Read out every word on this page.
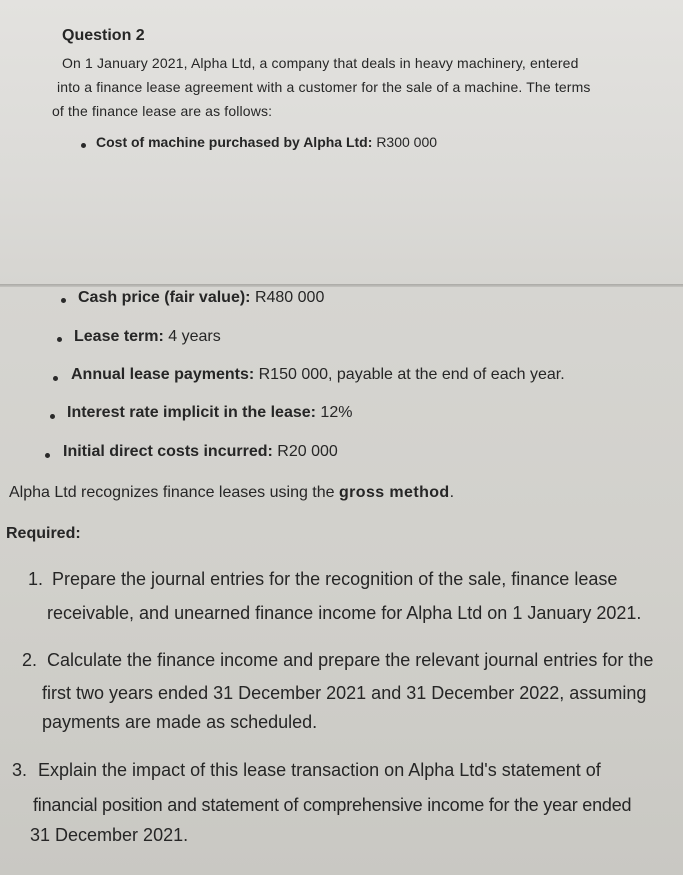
Question 2

On 1 January 2021, Alpha Ltd, a company that deals in heavy machinery, entered

into a finance lease agreement with a customer for the sale of a machine. The terms

of the finance lease are as follows:

Cost of machine purchased by Alpha Ltd: R300 000

Cash price (fair value): R480 000

Lease term: 4 years

Annual lease payments: R150 000, payable at the end of each year.

Interest rate implicit in the lease: 12%

Initial direct costs incurred: R20 000

Alpha Ltd recognizes finance leases using the gross method.

Required:

1. Prepare the journal entries for the recognition of the sale, finance lease

receivable, and unearned finance income for Alpha Ltd on 1 January 2021.

2. Calculate the finance income and prepare the relevant journal entries for the

first two years ended 31 December 2021 and 31 December 2022, assuming

payments are made as scheduled.

3. Explain the impact of this lease transaction on Alpha Ltd's statement of

financial position and statement of comprehensive income for the year ended

31 December 2021.
